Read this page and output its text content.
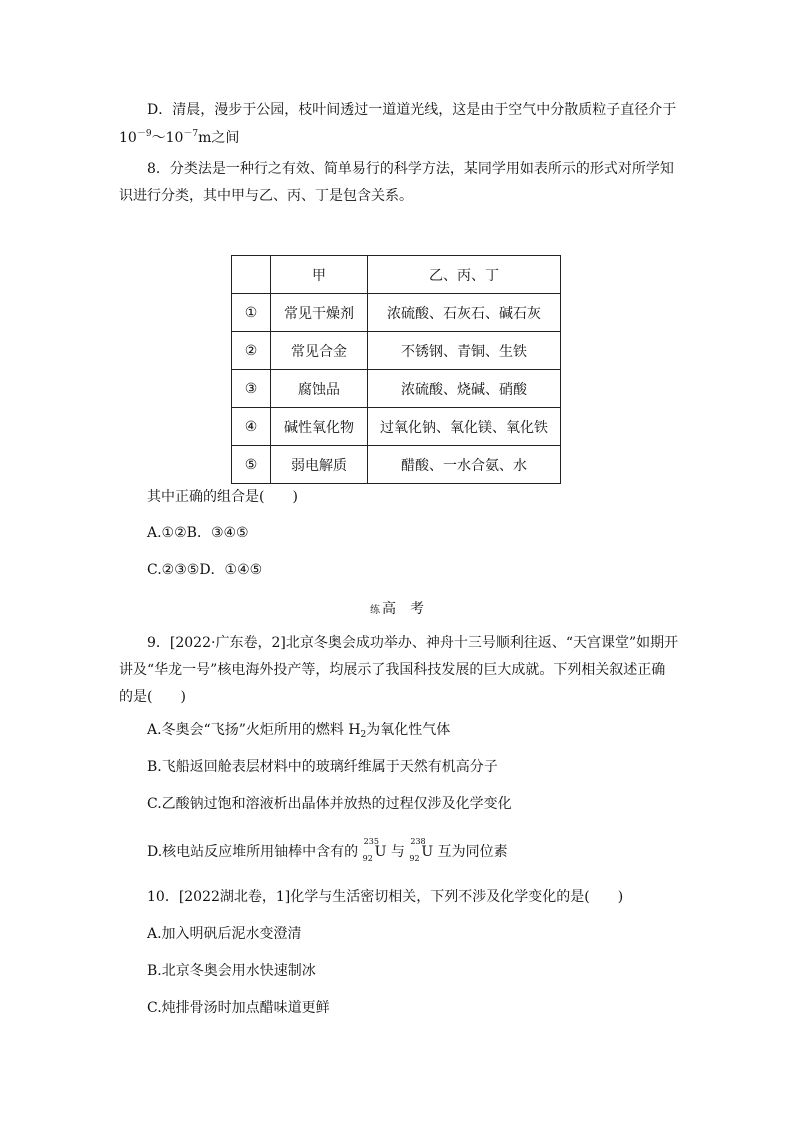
D．清晨，漫步于公园，枝叶间透过一道道光线，这是由于空气中分散质粒子直径介于
$10^{-9}\sim 10^{-7}m$之间
8．分类法是一种行之有效、简单易行的科学方法，某同学用如表所示的形式对所学知识进行分类，其中甲与乙、丙、丁是包含关系。
	甲	乙、丙、丁
①	常见干燥剂	浓硫酸、石灰石、碱石灰
②	常见合金	不锈钢、青铜、生铁
③	腐蚀品	浓硫酸、烧碱、硝酸
④	碱性氧化物	过氧化钠、氧化镁、氧化铁
⑤	弱电解质	醋酸、一水合氨、水
其中正确的组合是(　　)
A.①②B．③④⑤
C.②③⑤D．①④⑤
练 高　考
9．[2022·广东卷，2]北京冬奥会成功举办、神舟十三号顺利往返、“天宫课堂”如期开讲及“华龙一号”核电海外投产等，均展示了我国科技发展的巨大成就。下列相关叙述正确的是(　　)
A.冬奥会“飞扬”火炬所用的燃料 $H_2$为氧化性气体
B.飞船返回舱表层材料中的玻璃纤维属于天然有机高分子
C.乙酸钠过饱和溶液析出晶体并放热的过程仅涉及化学变化
D.核电站反应堆所用铀棒中含有的
235
92 U 与
238
92 U 互为同位素
10．[2022湖北卷，1]化学与生活密切相关，下列不涉及化学变化的是(　　)
A.加入明矾后泥水变澄清
B.北京冬奥会用水快速制冰
C.炖排骨汤时加点醋味道更鲜
